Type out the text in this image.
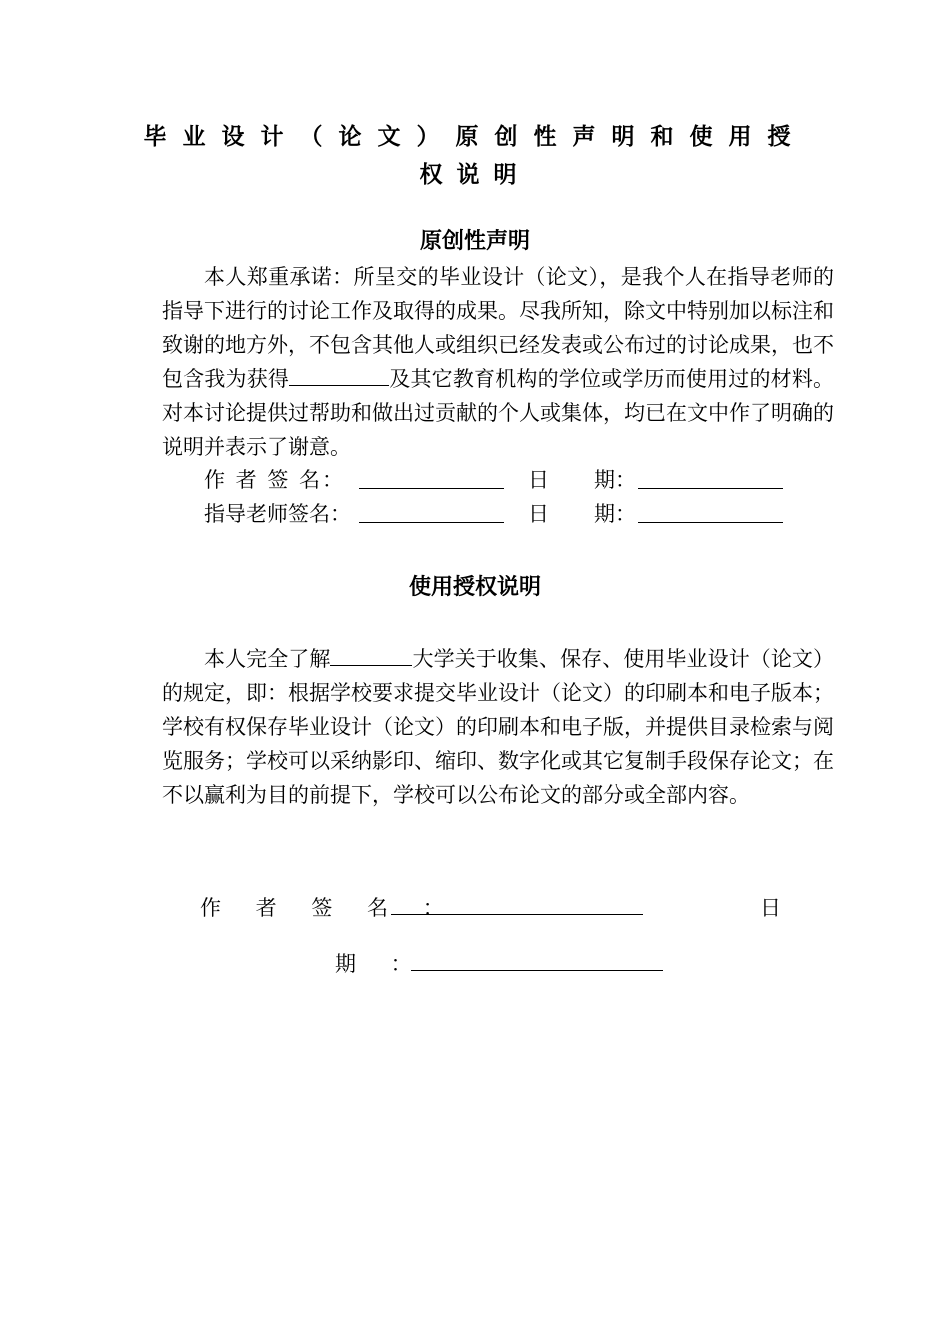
毕业设计（论文）原创性声明和使用授
权说明
原创性声明
本人郑重承诺：所呈交的毕业设计（论文），是我个人在指导老师的指导下进行的讨论工作及取得的成果。尽我所知，除文中特别加以标注和致谢的地方外，不包含其他人或组织已经发表或公布过的讨论成果，也不包含我为获得	及其它教育机构的学位或学历而使用过的材料。对本讨论提供过帮助和做出过贡献的个人或集体，均已在文中作了明确的说明并表示了谢意。
作 者 签 名：	日 期：
指导老师签名：	日 期：
使用授权说明
本人完全了解	大学关于收集、保存、使用毕业设计（论文）的规定，即：根据学校要求提交毕业设计（论文）的印刷本和电子版本；学校有权保存毕业设计（论文）的印刷本和电子版，并提供目录检索与阅览服务；学校可以采纳影印、缩印、数字化或其它复制手段保存论文；在不以赢利为目的前提下，学校可以公布论文的部分或全部内容。
作 者 签 名 ：	日
期 ：
